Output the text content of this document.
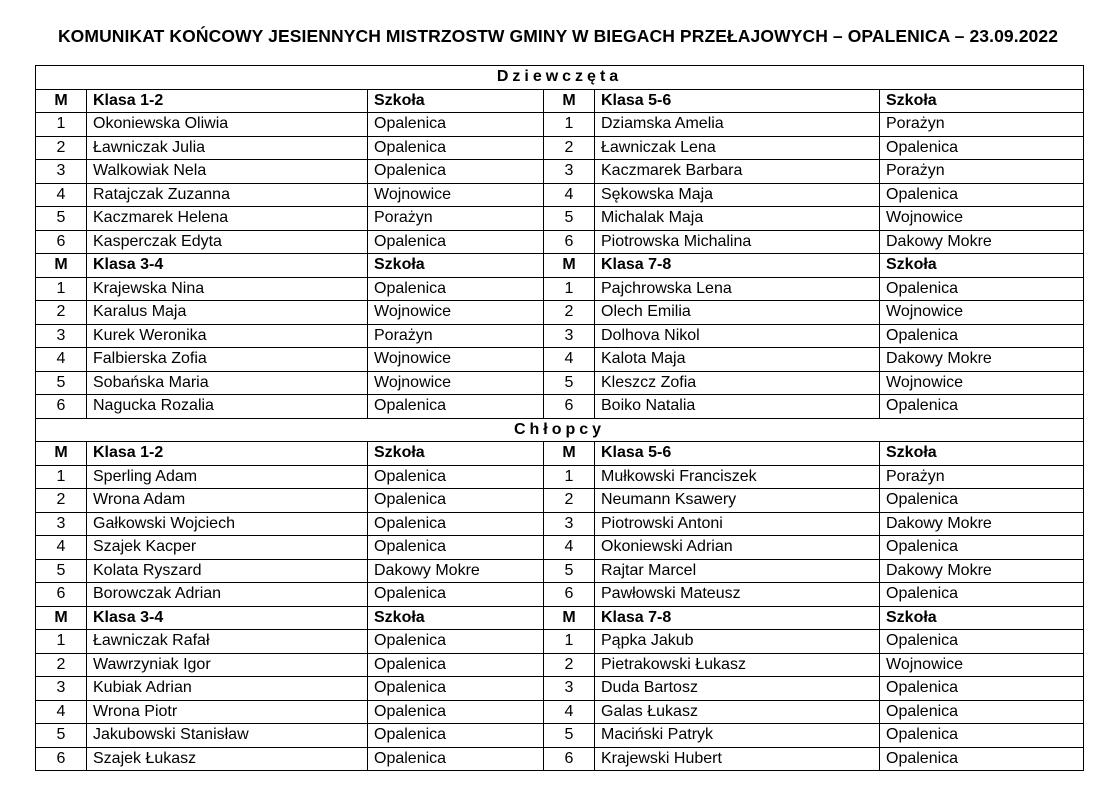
KOMUNIKAT KOŃCOWY JESIENNYCH MISTRZOSTW GMINY W BIEGACH PRZEŁAJOWYCH – OPALENICA – 23.09.2022
Dziewczęta					
M	Klasa 1-2	Szkoła	M	Klasa 5-6	Szkoła
1	Okoniewska Oliwia	Opalenica	1	Dziamska Amelia	Porażyn
2	Ławniczak Julia	Opalenica	2	Ławniczak Lena	Opalenica
3	Walkowiak Nela	Opalenica	3	Kaczmarek Barbara	Porażyn
4	Ratajczak Zuzanna	Wojnowice	4	Sękowska Maja	Opalenica
5	Kaczmarek Helena	Porażyn	5	Michalak Maja	Wojnowice
6	Kasperczak Edyta	Opalenica	6	Piotrowska Michalina	Dakowy Mokre
M	Klasa 3-4	Szkoła	M	Klasa 7-8	Szkoła
1	Krajewska Nina	Opalenica	1	Pajchrowska Lena	Opalenica
2	Karalus Maja	Wojnowice	2	Olech Emilia	Wojnowice
3	Kurek Weronika	Porażyn	3	Dolhova Nikol	Opalenica
4	Falbierska Zofia	Wojnowice	4	Kalota Maja	Dakowy Mokre
5	Sobańska Maria	Wojnowice	5	Kleszcz Zofia	Wojnowice
6	Nagucka Rozalia	Opalenica	6	Boiko Natalia	Opalenica
Chłopcy					
M	Klasa 1-2	Szkoła	M	Klasa 5-6	Szkoła
1	Sperling Adam	Opalenica	1	Mułkowski Franciszek	Porażyn
2	Wrona Adam	Opalenica	2	Neumann Ksawery	Opalenica
3	Gałkowski Wojciech	Opalenica	3	Piotrowski Antoni	Dakowy Mokre
4	Szajek Kacper	Opalenica	4	Okoniewski Adrian	Opalenica
5	Kolata Ryszard	Dakowy Mokre	5	Rajtar Marcel	Dakowy Mokre
6	Borowczak Adrian	Opalenica	6	Pawłowski Mateusz	Opalenica
M	Klasa 3-4	Szkoła	M	Klasa 7-8	Szkoła
1	Ławniczak Rafał	Opalenica	1	Pąpka Jakub	Opalenica
2	Wawrzyniak Igor	Opalenica	2	Pietrakowski Łukasz	Wojnowice
3	Kubiak Adrian	Opalenica	3	Duda Bartosz	Opalenica
4	Wrona Piotr	Opalenica	4	Galas Łukasz	Opalenica
5	Jakubowski Stanisław	Opalenica	5	Maciński Patryk	Opalenica
6	Szajek Łukasz	Opalenica	6	Krajewski Hubert	Opalenica
